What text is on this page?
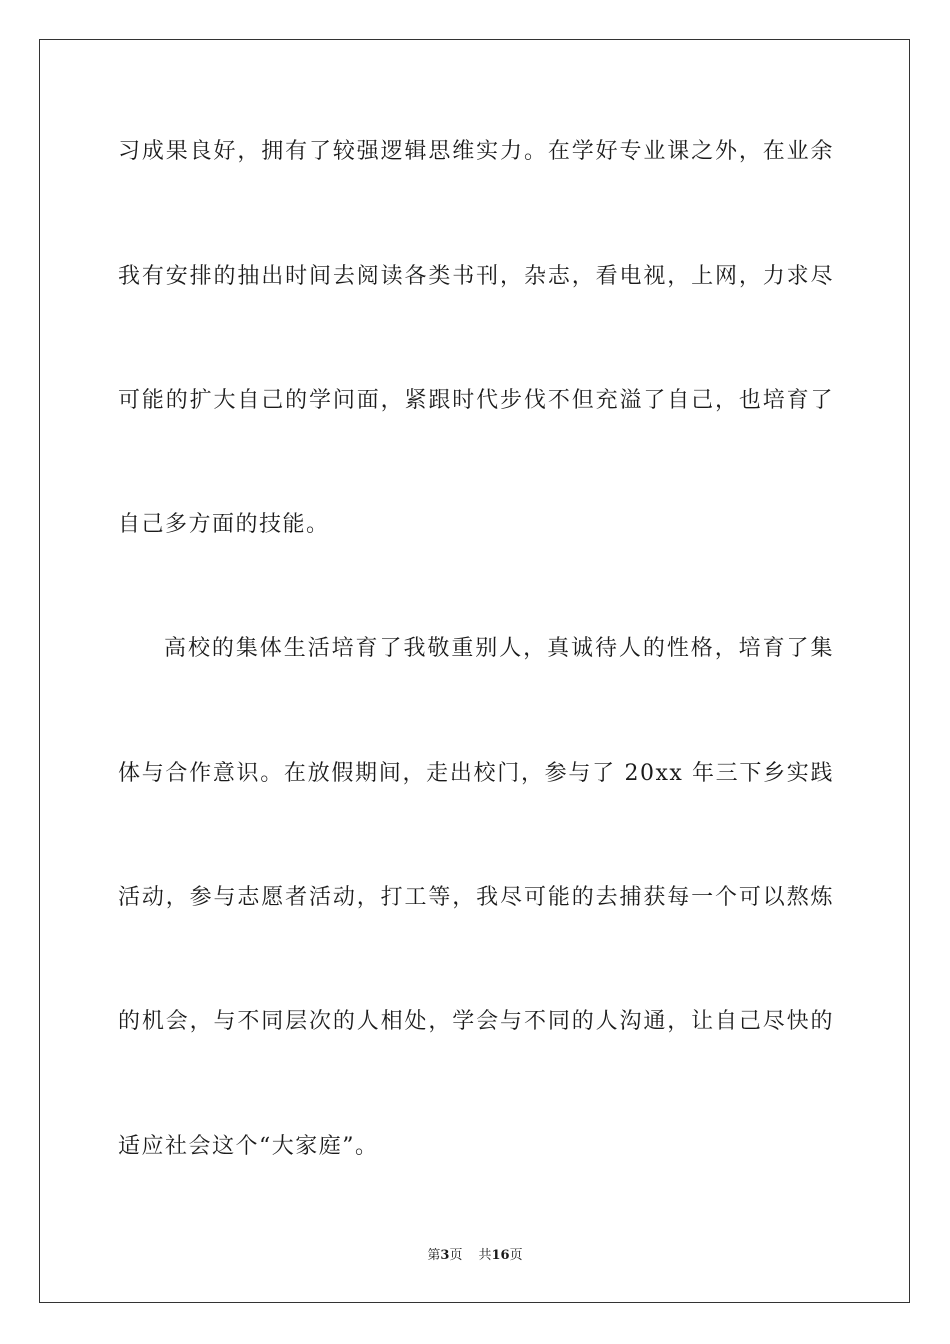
习成果良好，拥有了较强逻辑思维实力。在学好专业课之外，在业余
我有安排的抽出时间去阅读各类书刊，杂志，看电视，上网，力求尽
可能的扩大自己的学问面，紧跟时代步伐不但充溢了自己，也培育了
自己多方面的技能。
高校的集体生活培育了我敬重别人，真诚待人的性格，培育了集
体与合作意识。在放假期间，走出校门，参与了 20xx 年三下乡实践
活动，参与志愿者活动，打工等，我尽可能的去捕获每一个可以熬炼
的机会，与不同层次的人相处，学会与不同的人沟通，让自己尽快的
适应社会这个“大家庭”。
第3页 共16页
